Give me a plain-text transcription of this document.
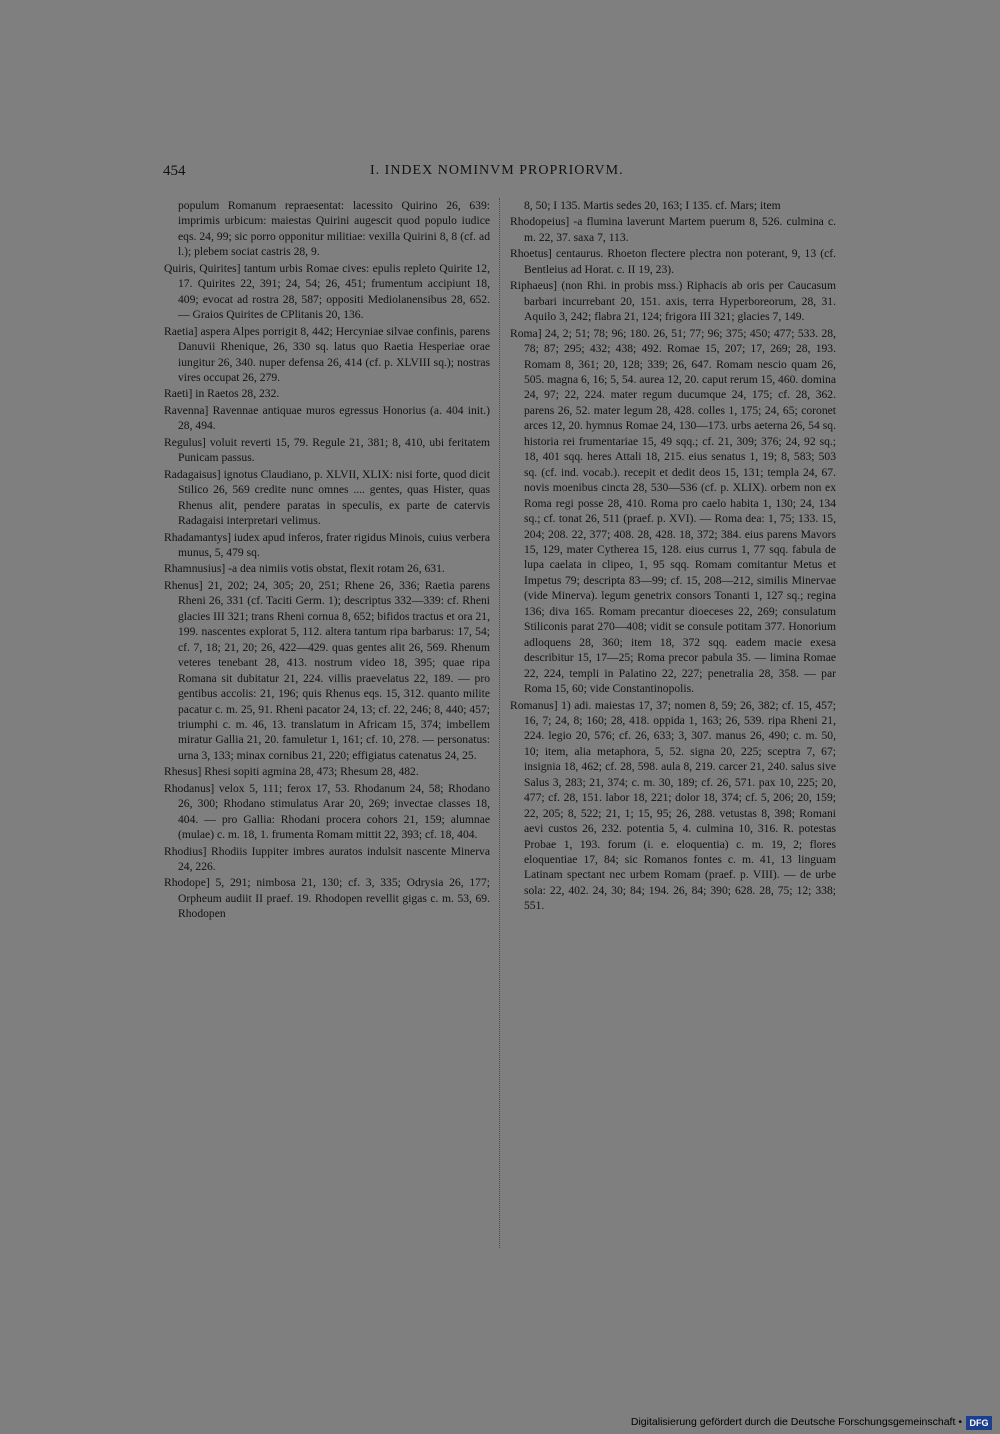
454	I. INDEX NOMINVM PROPRIORVM.
populum Romanum repraesentat: lacessito Quirino 26, 639: imprimis urbicum: maiestas Quirini augescit quod populo iudice eqs. 24, 99; sic porro opponitur militiae: vexilla Quirini 8, 8 (cf. ad l.); plebem sociat castris 28, 9.
Quiris, Quirites] tantum urbis Romae cives: epulis repleto Quirite 12, 17. Quirites 22, 391; 24, 54; 26, 451; frumentum accipiunt 18, 409; evocat ad rostra 28, 587; oppositi Mediolanensibus 28, 652. — Graios Quirites de CPlitanis 20, 136.
Raetia] aspera Alpes porrigit 8, 442; Hercyniae silvae confinis, parens Danuvii Rhenique, 26, 330 sq. latus quo Raetia Hesperiae orae iungitur 26, 340. nuper defensa 26, 414 (cf. p. XLVIII sq.); nostras vires occupat 26, 279.
Raeti] in Raetos 28, 232.
Ravenna] Ravennae antiquae muros egressus Honorius (a. 404 init.) 28, 494.
Regulus] voluit reverti 15, 79. Regule 21, 381; 8, 410, ubi feritatem Punicam passus.
Radagaisus] ignotus Claudiano, p. XLVII, XLIX: nisi forte, quod dicit Stilico 26, 569 credite nunc omnes .... gentes, quas Hister, quas Rhenus alit, pendere paratas in speculis, ex parte de catervis Radagaisi interpretari velimus.
Rhadamantys] iudex apud inferos, frater rigidus Minois, cuius verbera munus, 5, 479 sq.
Rhamnusius] -a dea nimiis votis obstat, flexit rotam 26, 631.
Rhenus] 21, 202; 24, 305; 20, 251; Rhene 26, 336; Raetia parens Rheni 26, 331 (cf. Taciti Germ. 1); descriptus 332—339: cf. Rheni glacies III 321; trans Rheni cornua 8, 652; bifidos tractus et ora 21, 199. nascentes explorat 5, 112. altera tantum ripa barbarus: 17, 54; cf. 7, 18; 21, 20; 26, 422—429. quas gentes alit 26, 569. Rhenum veteres tenebant 28, 413. nostrum video 18, 395; quae ripa Romana sit dubitatur 21, 224. villis praevelatus 22, 189. — pro gentibus accolis: 21, 196; quis Rhenus eqs. 15, 312. quanto milite pacatur c. m. 25, 91. Rheni pacator 24, 13; cf. 22, 246; 8, 440; 457; triumphi c. m. 46, 13. translatum in Africam 15, 374; imbellem miratur Gallia 21, 20. famuletur 1, 161; cf. 10, 278. — personatus: urna 3, 133; minax cornibus 21, 220; effigiatus catenatus 24, 25.
Rhesus] Rhesi sopiti agmina 28, 473; Rhesum 28, 482.
Rhodanus] velox 5, 111; ferox 17, 53. Rhodanum 24, 58; Rhodano 26, 300; Rhodano stimulatus Arar 20, 269; invectae classes 18, 404. — pro Gallia: Rhodani procera cohors 21, 159; alumnae (mulae) c. m. 18, 1. frumenta Romam mittit 22, 393; cf. 18, 404.
Rhodius] Rhodiis Iuppiter imbres auratos indulsit nascente Minerva 24, 226.
Rhodope] 5, 291; nimbosa 21, 130; cf. 3, 335; Odrysia 26, 177; Orpheum audiit II praef. 19. Rhodopen revellit gigas c. m. 53, 69. Rhodopen
8, 50; I 135. Martis sedes 20, 163; I 135. cf. Mars; item
Rhodopeius] -a flumina laverunt Martem puerum 8, 526. culmina c. m. 22, 37. saxa 7, 113.
Rhoetus] centaurus. Rhoeton flectere plectra non poterant, 9, 13 (cf. Bentleius ad Horat. c. II 19, 23).
Riphaeus] (non Rhi. in probis mss.) Riphacis ab oris per Caucasum barbari incurrebant 20, 151. axis, terra Hyperboreorum, 28, 31. Aquilo 3, 242; flabra 21, 124; frigora III 321; glacies 7, 149.
Roma] 24, 2; 51; 78; 96; 180. 26, 51; 77; 96; 375; 450; 477; 533. 28, 78; 87; 295; 432; 438; 492. Romae 15, 207; 17, 269; 28, 193. Romam 8, 361; 20, 128; 339; 26, 647. Romam nescio quam 26, 505. magna 6, 16; 5, 54. aurea 12, 20. caput rerum 15, 460. domina 24, 97; 22, 224. mater regum ducumque 24, 175; cf. 28, 362. parens 26, 52. mater legum 28, 428. colles 1, 175; 24, 65; coronet arces 12, 20. hymnus Romae 24, 130—173. urbs aeterna 26, 54 sq. historia rei frumentariae 15, 49 sqq.; cf. 21, 309; 376; 24, 92 sq.; 18, 401 sqq. heres Attali 18, 215. eius senatus 1, 19; 8, 583; 503 sq. (cf. ind. vocab.). recepit et dedit deos 15, 131; templa 24, 67. novis moenibus cincta 28, 530—536 (cf. p. XLIX). orbem non ex Roma regi posse 28, 410. Roma pro caelo habita 1, 130; 24, 134 sq.; cf. tonat 26, 511 (praef. p. XVI). — Roma dea: 1, 75; 133. 15, 204; 208. 22, 377; 408. 28, 428. 18, 372; 384. eius parens Mavors 15, 129, mater Cytherea 15, 128. eius currus 1, 77 sqq. fabula de lupa caelata in clipeo, 1, 95 sqq. Romam comitantur Metus et Impetus 79; descripta 83—99; cf. 15, 208—212, similis Minervae (vide Minerva). legum genetrix consors Tonanti 1, 127 sq.; regina 136; diva 165. Romam precantur dioeceses 22, 269; consulatum Stiliconis parat 270—408; vidit se consule potitam 377. Honorium adloquens 28, 360; item 18, 372 sqq. eadem macie exesa describitur 15, 17—25; Roma precor pabula 35. — limina Romae 22, 224, templi in Palatino 22, 227; penetralia 28, 358. — par Roma 15, 60; vide Constantinopolis.
Romanus] 1) adi. maiestas 17, 37; nomen 8, 59; 26, 382; cf. 15, 457; 16, 7; 24, 8; 160; 28, 418. oppida 1, 163; 26, 539. ripa Rheni 21, 224. legio 20, 576; cf. 26, 633; 3, 307. manus 26, 490; c. m. 50, 10; item, alia metaphora, 5, 52. signa 20, 225; sceptra 7, 67; insignia 18, 462; cf. 28, 598. aula 8, 219. carcer 21, 240. salus sive Salus 3, 283; 21, 374; c. m. 30, 189; cf. 26, 571. pax 10, 225; 20, 477; cf. 28, 151. labor 18, 221; dolor 18, 374; cf. 5, 206; 20, 159; 22, 205; 8, 522; 21, 1; 15, 95; 26, 288. vetustas 8, 398; Romani aevi custos 26, 232. potentia 5, 4. culmina 10, 316. R. potestas Probae 1, 193. forum (i. e. eloquentia) c. m. 19, 2; flores eloquentiae 17, 84; sic Romanos fontes c. m. 41, 13 linguam Latinam spectant nec urbem Romam (praef. p. VIII). — de urbe sola: 22, 402. 24, 30; 84; 194. 26, 84; 390; 628. 28, 75; 12; 338; 551.
Digitalisierung gefördert durch die Deutsche Forschungsgemeinschaft • DFG
